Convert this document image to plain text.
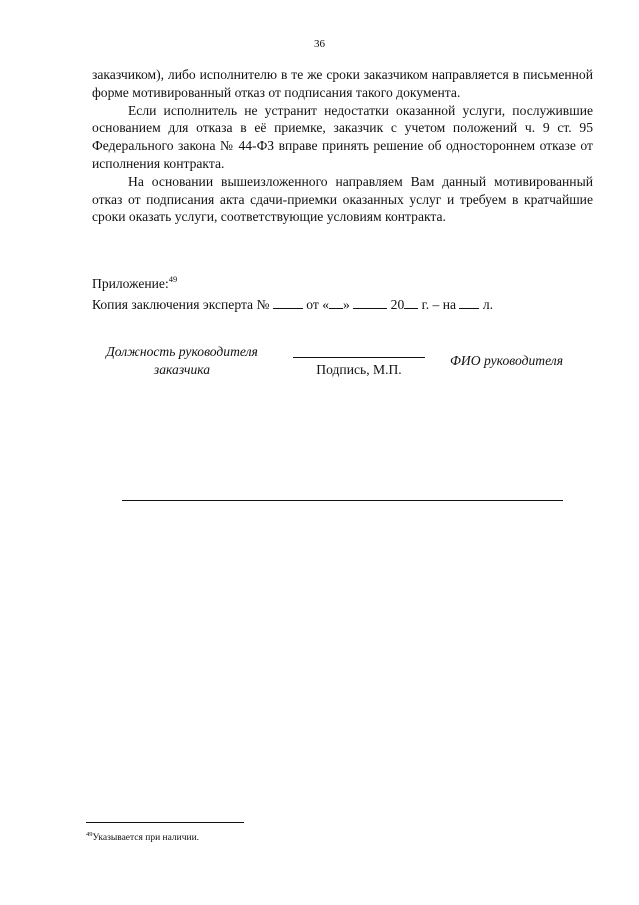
36

заказчиком), либо исполнителю в те же сроки заказчиком направляется в письменной форме мотивированный отказ от подписания такого документа.

Если исполнитель не устранит недостатки оказанной услуги, послужившие основанием для отказа в её приемке, заказчик с учетом положений ч. 9 ст. 95 Федерального закона № 44-ФЗ вправе принять решение об одностороннем отказе от исполнения контракта.

На основании вышеизложенного направляем Вам данный мотивированный отказ от подписания акта сдачи-приемки оказанных услуг и требуем в кратчайшие сроки оказать услуги, соответствующие условиям контракта.

Приложение:$^{49}$
Копия заключения эксперта №	от « »	20 г. – на л.
Должность руководителя
заказчика	Подпись, М.П.
ФИО руководителя
$^{49}$Указывается при наличии.
